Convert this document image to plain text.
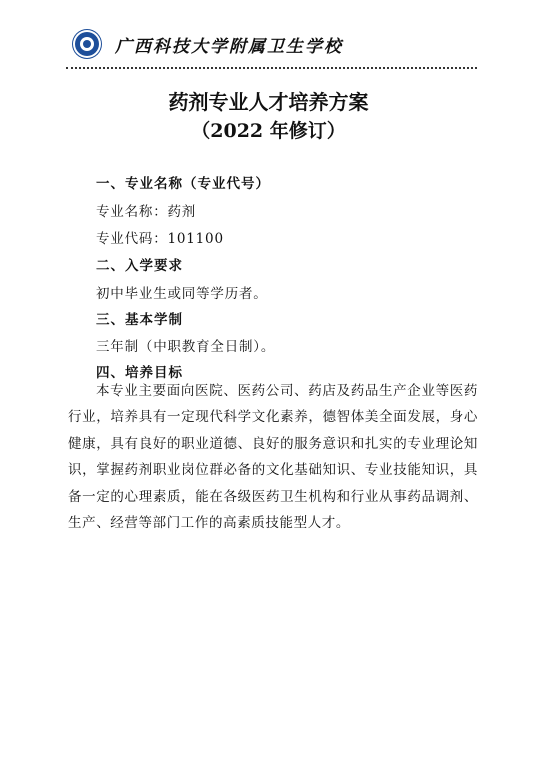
广西科技大学附属卫生学校
药剂专业人才培养方案
（2022 年修订）
一、专业名称（专业代号）
专业名称：药剂
专业代码：101100
二、入学要求
初中毕业生或同等学历者。
三、基本学制
三年制（中职教育全日制）。
四、培养目标

本专业主要面向医院、医药公司、药店及药品生产企业等医药行业，培养具有一定现代科学文化素养，德智体美全面发展，身心健康，具有良好的职业道德、良好的服务意识和扎实的专业理论知识，掌握药剂职业岗位群必备的文化基础知识、专业技能知识，具备一定的心理素质，能在各级医药卫生机构和行业从事药品调剂、生产、经营等部门工作的高素质技能型人才。
